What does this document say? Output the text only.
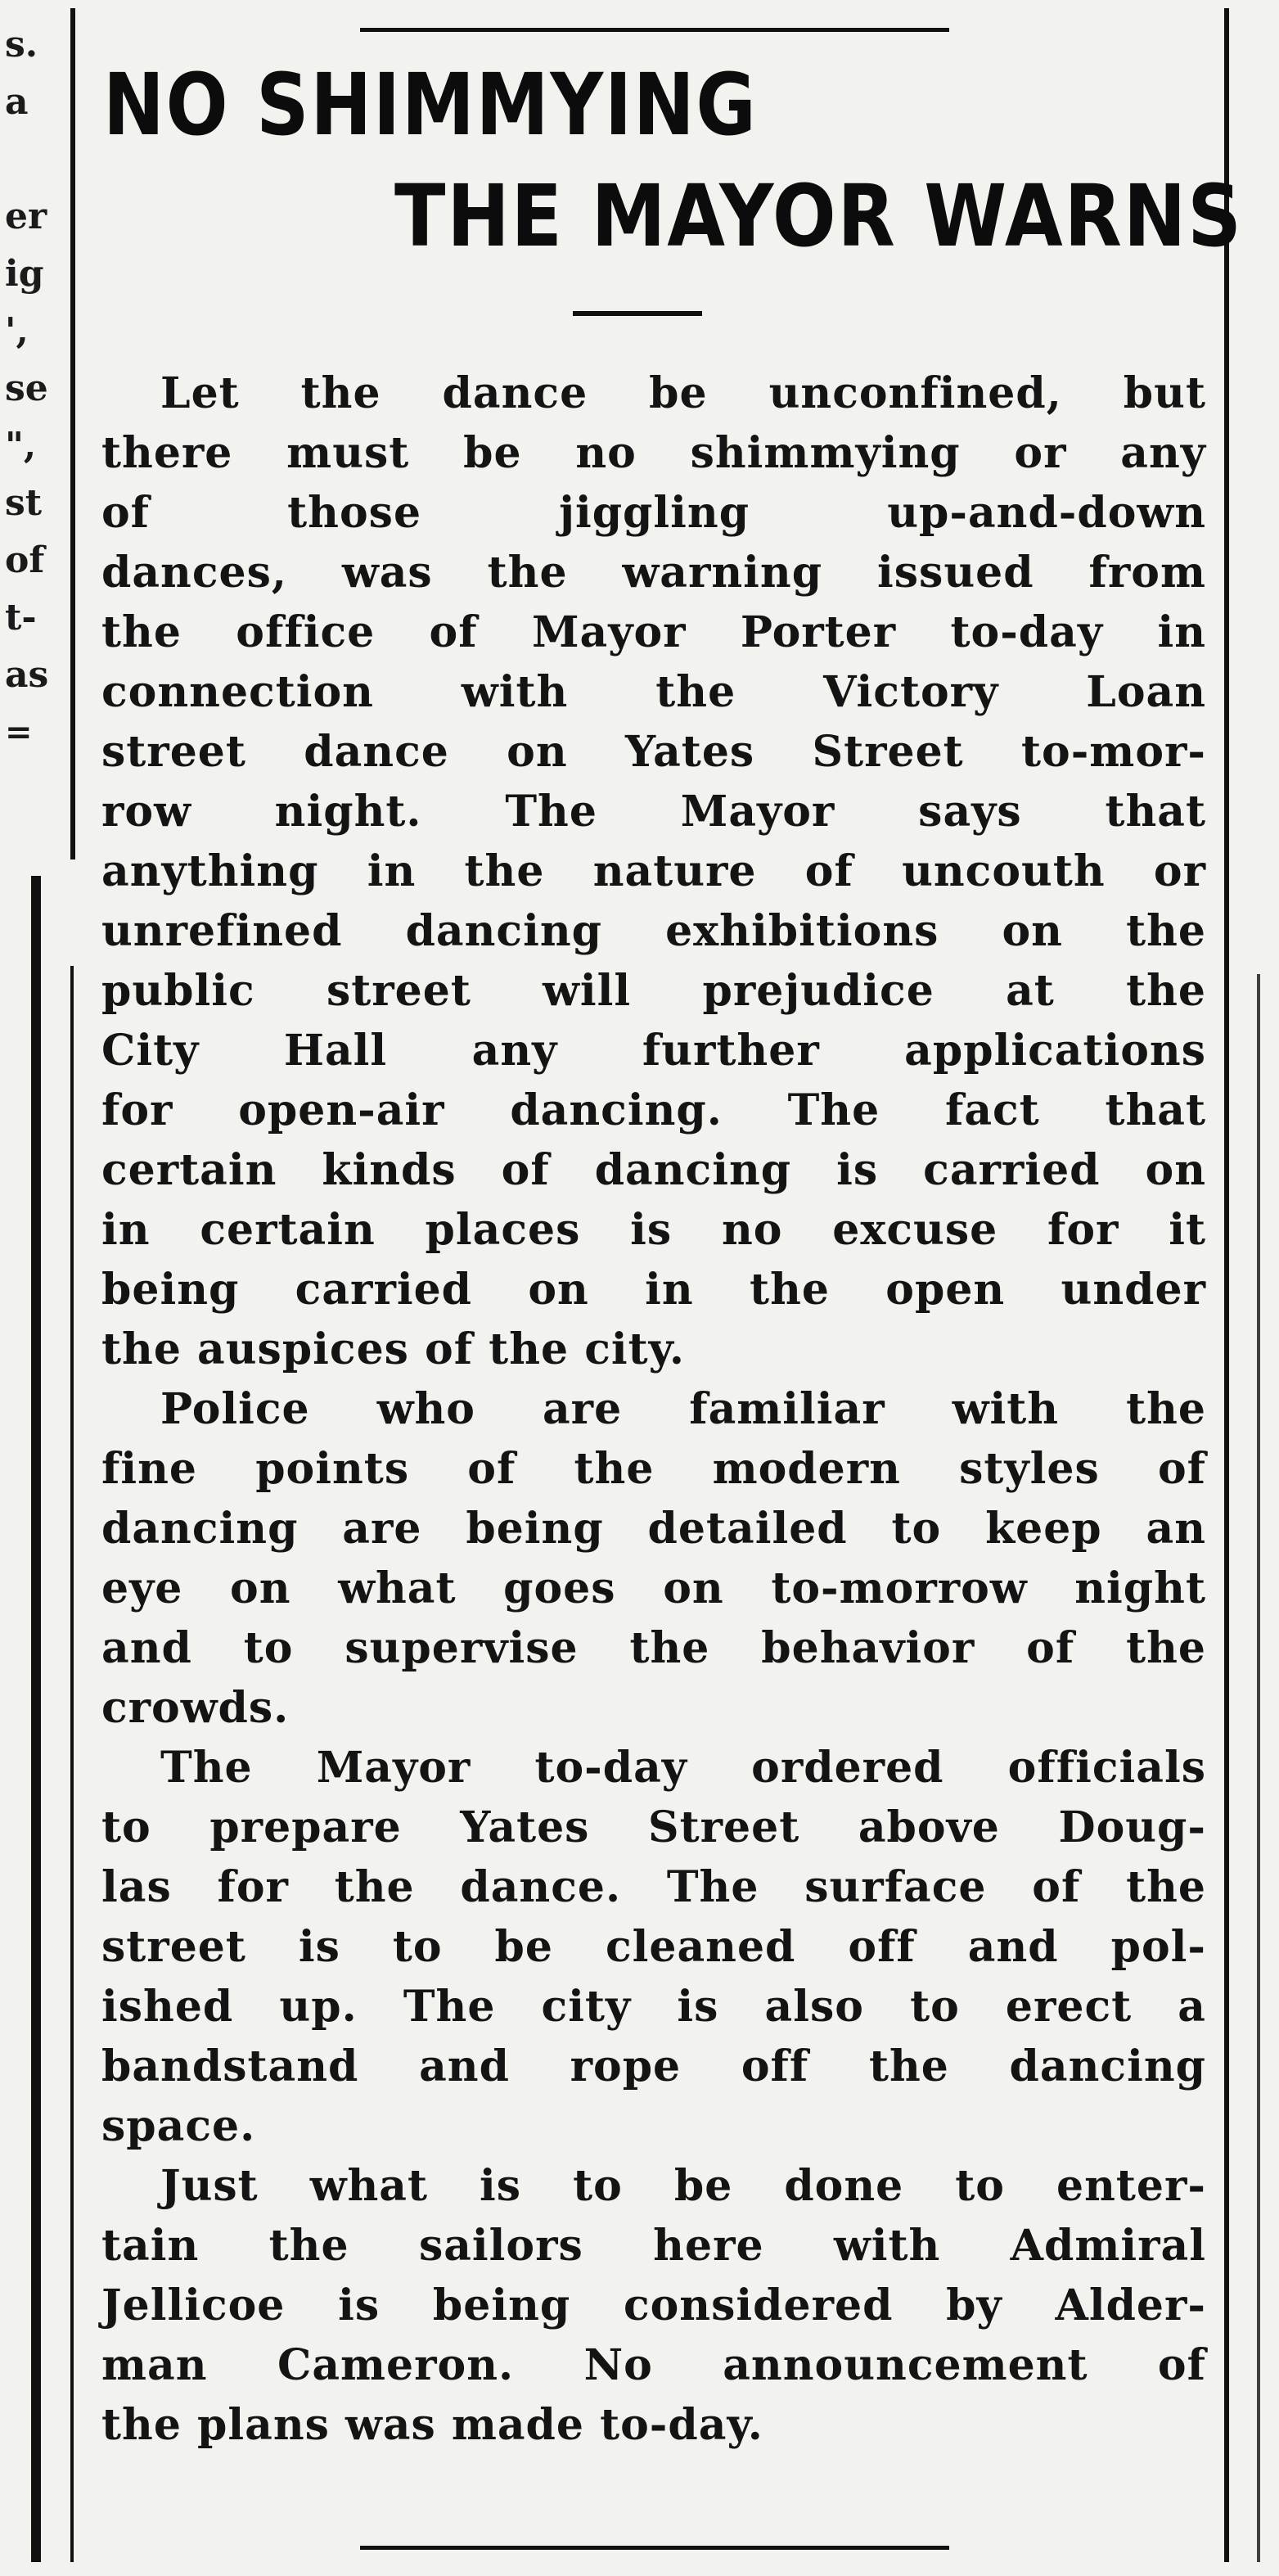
s.
a
er
ig
',
se
",
st
of
t-
as
=
NO SHIMMYING
THE MAYOR WARNS
Let the dance be unconfined, but
there must be no shimmying or any
of those jiggling up-and-down
dances, was the warning issued from
the office of Mayor Porter to-day in
connection with the Victory Loan
street dance on Yates Street to-mor-
row night. The Mayor says that
anything in the nature of uncouth or
unrefined dancing exhibitions on the
public street will prejudice at the
City Hall any further applications
for open-air dancing. The fact that
certain kinds of dancing is carried on
in certain places is no excuse for it
being carried on in the open under
the auspices of the city.
Police who are familiar with the
fine points of the modern styles of
dancing are being detailed to keep an
eye on what goes on to-morrow night
and to supervise the behavior of the
crowds.
The Mayor to-day ordered officials
to prepare Yates Street above Doug-
las for the dance. The surface of the
street is to be cleaned off and pol-
ished up. The city is also to erect a
bandstand and rope off the dancing
space.
Just what is to be done to enter-
tain the sailors here with Admiral
Jellicoe is being considered by Alder-
man Cameron. No announcement of
the plans was made to-day.
